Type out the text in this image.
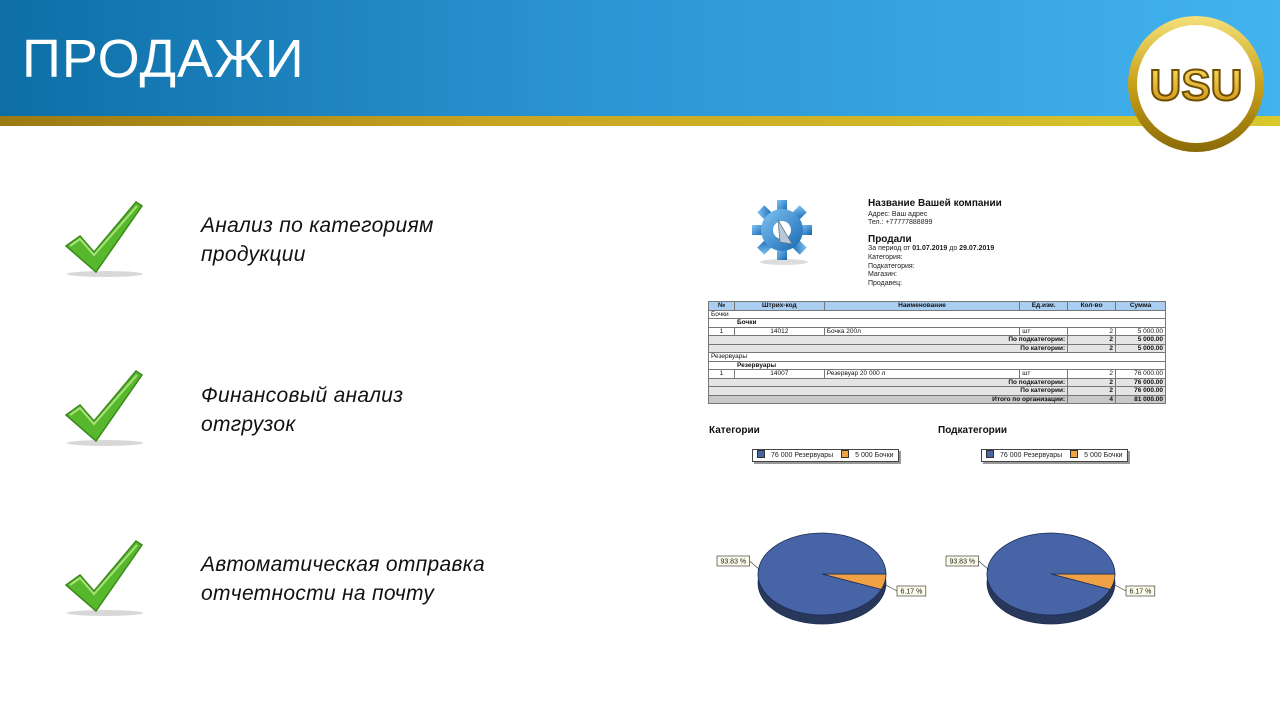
ПРОДАЖИ	USU
Анализ по категориям
продукции
Финансовый анализ
отгрузок
Автоматическая отправка
отчетности на почту
Название Вашей компании
Адрес: Ваш адрес
Тел.: +77777888899
Продали
За период от 01.07.2019 до 29.07.2019
Категория:
Подкатегория:
Магазин:
Продавец:
№	Штрих-код	Наименование	Ед.изм.	Кол-во	Сумма
Бочки					
Бочки					
1	14012	Бочка 200л	шт	2	5 000.00
По подкатегории:				2	5 000.00
По категории:				2	5 000.00
Резервуары					
Резервуары					
1	14007	Резервуар 20 000 л	шт	2	76 000.00
По подкатегории:				2	76 000.00
По категории:				2	76 000.00
Итого по организации:				4	81 000.00
Категории
76 000 Резервуары	5 000 Бочки
93.83 %
6.17 %
Подкатегории
76 000 Резервуары	5 000 Бочки
93.83 %
6.17 %
